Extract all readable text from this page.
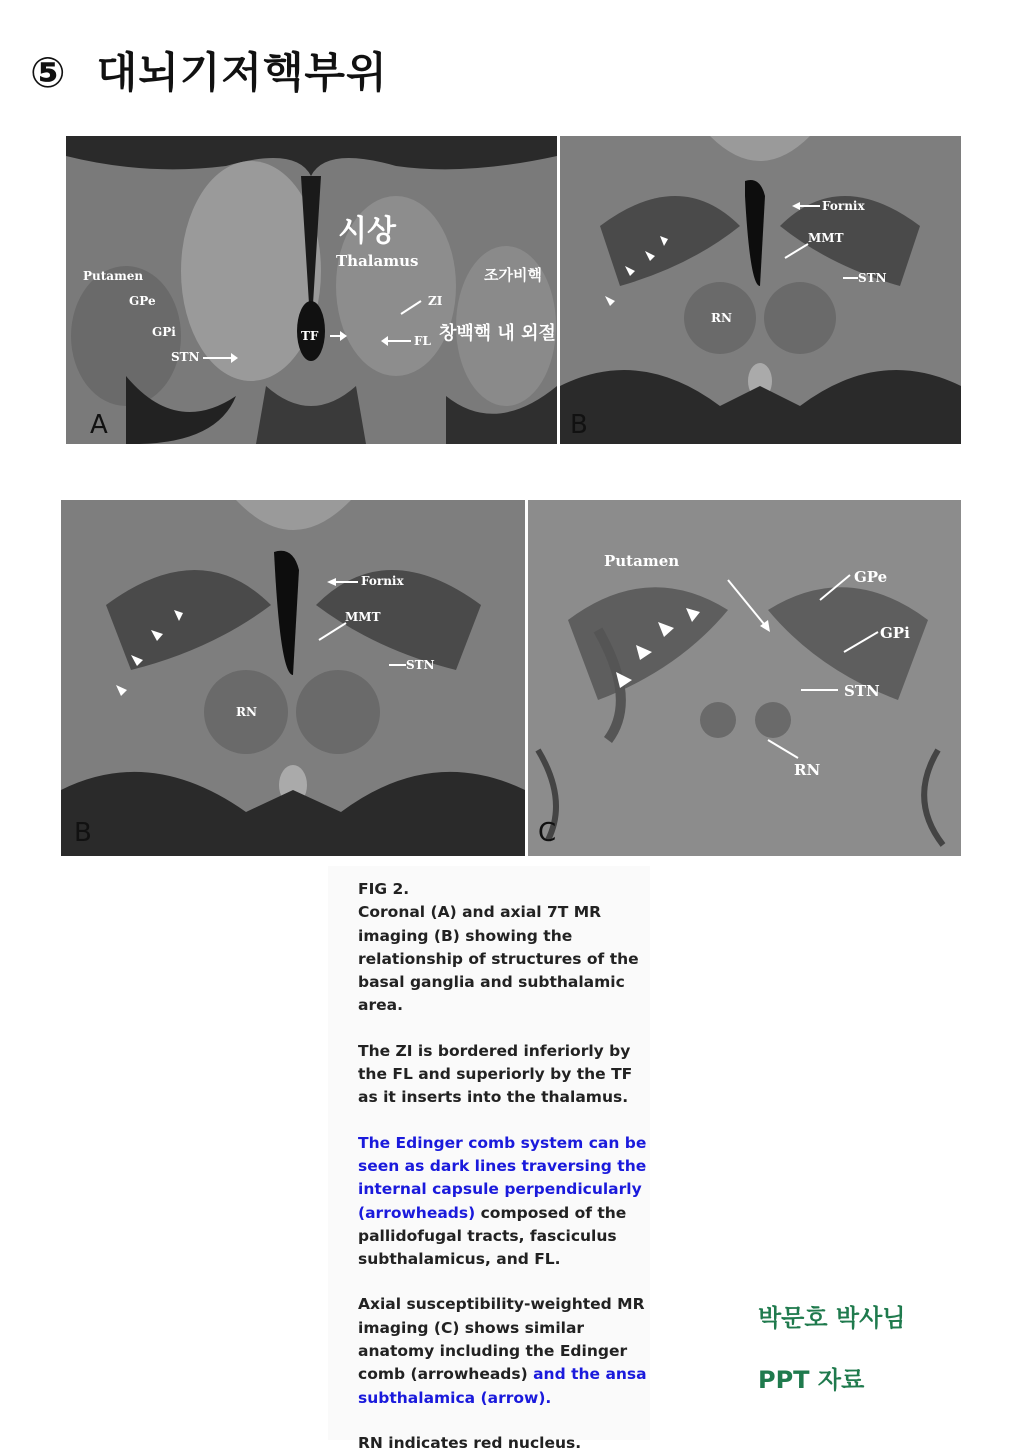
⑤ 대뇌기저핵부위
시상
Thalamus
Putamen
GPe
GPi
STN
TF	FL
ZI
조가비핵
창백핵 내 외절
A
Fornix
MMT
STN
RN
B
Fornix
MMT
STN
RN
B
Putamen
GPe
GPi
STN
RN
C

FIG 2.

Coronal (A) and axial 7T MR imaging (B) showing the relationship of structures of the basal ganglia and subthalamic area.

The ZI is bordered inferiorly by the FL and superiorly by the TF as it inserts into the thalamus.

The Edinger comb system can be seen as dark lines traversing the internal capsule perpendicularly (arrowheads) composed of the pallidofugal tracts, fasciculus subthalamicus, and FL.

Axial susceptibility-weighted MR imaging (C) shows similar anatomy including the Edinger comb (arrowheads) and the ansa subthalamica (arrow).

RN indicates red nucleus.

박문호 박사님
PPT 자료
